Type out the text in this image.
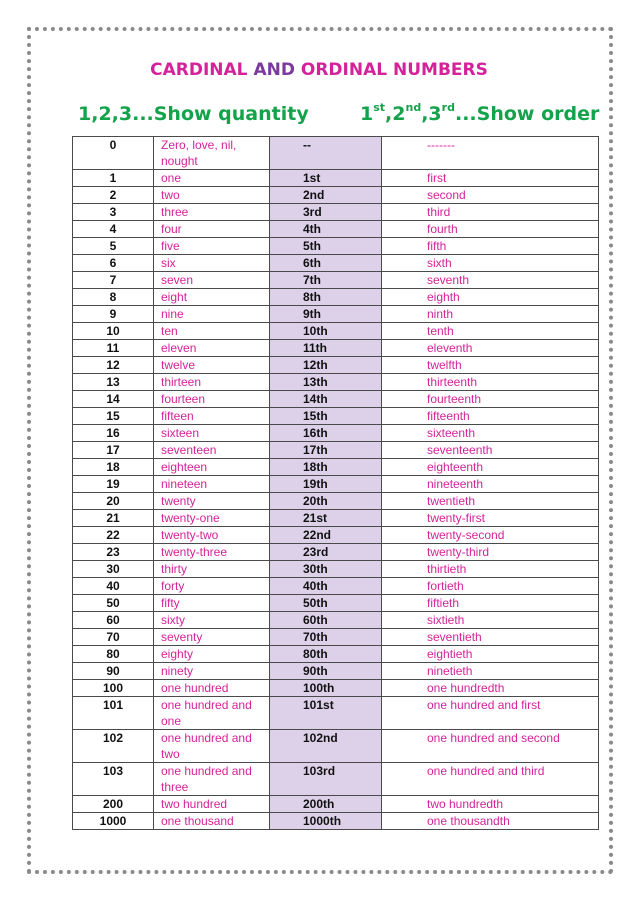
CARDINAL AND ORDINAL NUMBERS
1,2,3...Show quantity	1st,2nd,3rd...Show order
0	Zero, love, nil, nought	--	-------
1	one	1st	first
2	two	2nd	second
3	three	3rd	third
4	four	4th	fourth
5	five	5th	fifth
6	six	6th	sixth
7	seven	7th	seventh
8	eight	8th	eighth
9	nine	9th	ninth
10	ten	10th	tenth
11	eleven	11th	eleventh
12	twelve	12th	twelfth
13	thirteen	13th	thirteenth
14	fourteen	14th	fourteenth
15	fifteen	15th	fifteenth
16	sixteen	16th	sixteenth
17	seventeen	17th	seventeenth
18	eighteen	18th	eighteenth
19	nineteen	19th	nineteenth
20	twenty	20th	twentieth
21	twenty-one	21st	twenty-first
22	twenty-two	22nd	twenty-second
23	twenty-three	23rd	twenty-third
30	thirty	30th	thirtieth
40	forty	40th	fortieth
50	fifty	50th	fiftieth
60	sixty	60th	sixtieth
70	seventy	70th	seventieth
80	eighty	80th	eightieth
90	ninety	90th	ninetieth
100	one hundred	100th	one hundredth
101	one hundred and one	101st	one hundred and first
102	one hundred and two	102nd	one hundred and second
103	one hundred and three	103rd	one hundred and third
200	two hundred	200th	two hundredth
1000	one thousand	1000th	one thousandth
